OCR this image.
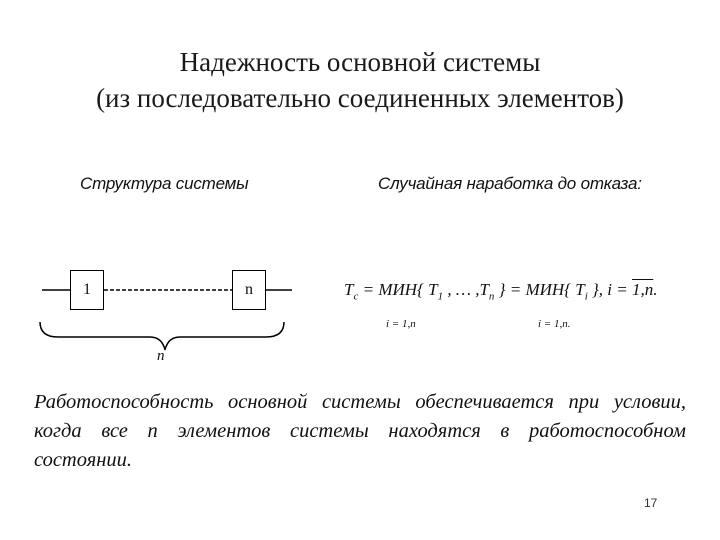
Надежность основной системы
(из последовательно соединенных элементов)
Структура системы	Случайная наработка до отказа:
1	n
n
$T_c = МИН${ $T_1$ , … $,T_n$ } = МИН{ $T_i$ }, i = 1,n.
i = 1,n	i = 1,n.
Работоспособность основной системы обеспечивается при условии, когда все n элементов системы находятся в работоспособном состоянии.
17
